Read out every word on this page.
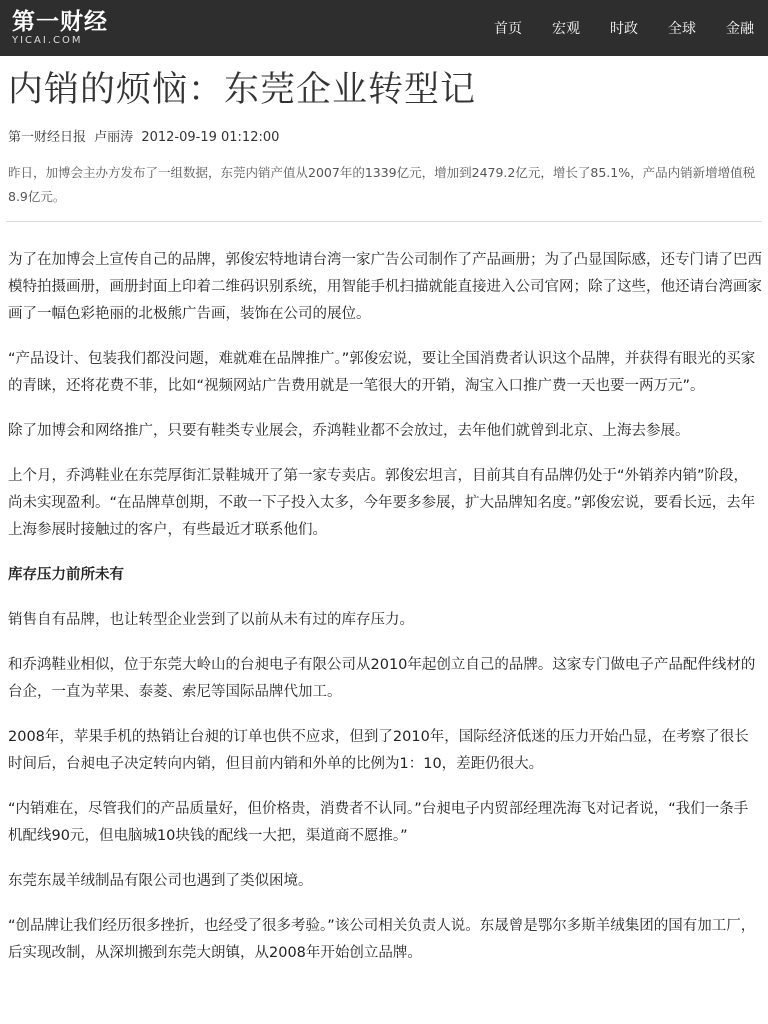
第一财经
YICAI.COM
首页	宏观	时政	全球	金融
内销的烦恼：东莞企业转型记
第一财经日报 卢丽涛 2012-09-19 01:12:00
昨日，加博会主办方发布了一组数据，东莞内销产值从2007年的1339亿元，增加到2479.2亿元，增长了85.1%，产品内销新增增值税8.9亿元。

为了在加博会上宣传自己的品牌，郭俊宏特地请台湾一家广告公司制作了产品画册；为了凸显国际感，还专门请了巴西模特拍摄画册，画册封面上印着二维码识别系统，用智能手机扫描就能直接进入公司官网；除了这些，他还请台湾画家画了一幅色彩艳丽的北极熊广告画，装饰在公司的展位。

“产品设计、包装我们都没问题，难就难在品牌推广。”郭俊宏说，要让全国消费者认识这个品牌，并获得有眼光的买家的青睐，还将花费不菲，比如“视频网站广告费用就是一笔很大的开销，淘宝入口推广费一天也要一两万元”。

除了加博会和网络推广，只要有鞋类专业展会，乔鸿鞋业都不会放过，去年他们就曾到北京、上海去参展。

上个月，乔鸿鞋业在东莞厚街汇景鞋城开了第一家专卖店。郭俊宏坦言，目前其自有品牌仍处于“外销养内销”阶段，尚未实现盈利。“在品牌草创期，不敢一下子投入太多，今年要多参展，扩大品牌知名度。”郭俊宏说，要看长远，去年上海参展时接触过的客户，有些最近才联系他们。

库存压力前所未有

销售自有品牌，也让转型企业尝到了以前从未有过的库存压力。

和乔鸿鞋业相似，位于东莞大岭山的台昶电子有限公司从2010年起创立自己的品牌。这家专门做电子产品配件线材的台企，一直为苹果、泰菱、索尼等国际品牌代加工。

2008年，苹果手机的热销让台昶的订单也供不应求，但到了2010年，国际经济低迷的压力开始凸显，在考察了很长时间后，台昶电子决定转向内销，但目前内销和外单的比例为1：10，差距仍很大。

“内销难在，尽管我们的产品质量好，但价格贵，消费者不认同。”台昶电子内贸部经理冼海飞对记者说，“我们一条手机配线90元，但电脑城10块钱的配线一大把，渠道商不愿推。”

东莞东晟羊绒制品有限公司也遇到了类似困境。

“创品牌让我们经历很多挫折，也经受了很多考验。”该公司相关负责人说。东晟曾是鄂尔多斯羊绒集团的国有加工厂，后实现改制，从深圳搬到东莞大朗镇，从2008年开始创立品牌。
